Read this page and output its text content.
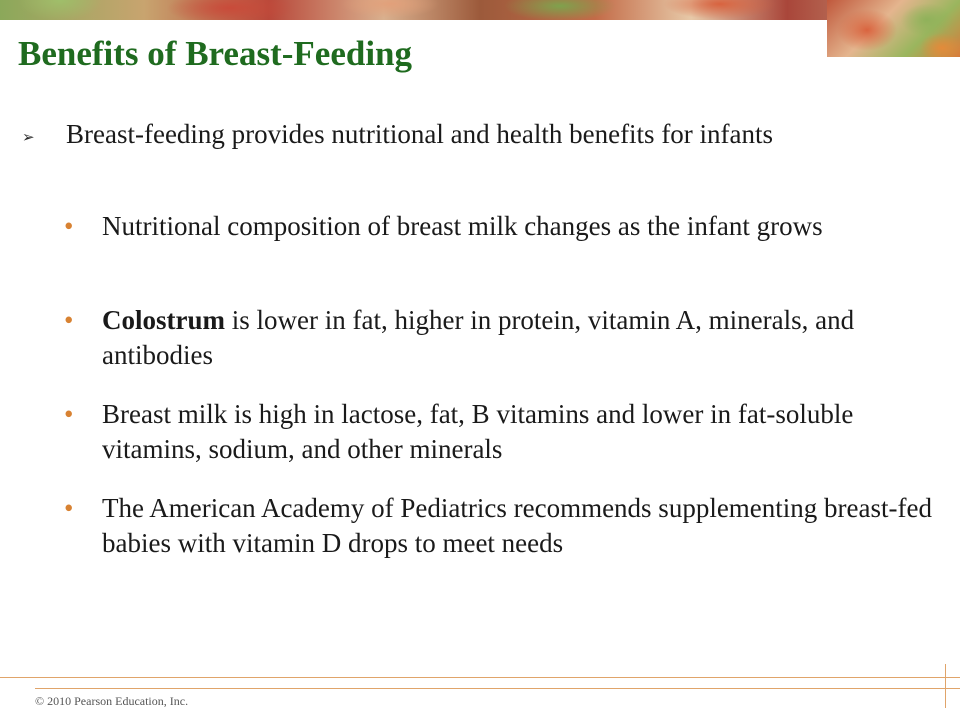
Benefits of Breast-Feeding
➢ Breast-feeding provides nutritional and health benefits for infants
• Nutritional composition of breast milk changes as the infant grows
• Colostrum is lower in fat, higher in protein, vitamin A, minerals, and antibodies
• Breast milk is high in lactose, fat, B vitamins and lower in fat-soluble vitamins, sodium, and other minerals
• The American Academy of Pediatrics recommends supplementing breast-fed babies with vitamin D drops to meet needs
© 2010 Pearson Education, Inc.
